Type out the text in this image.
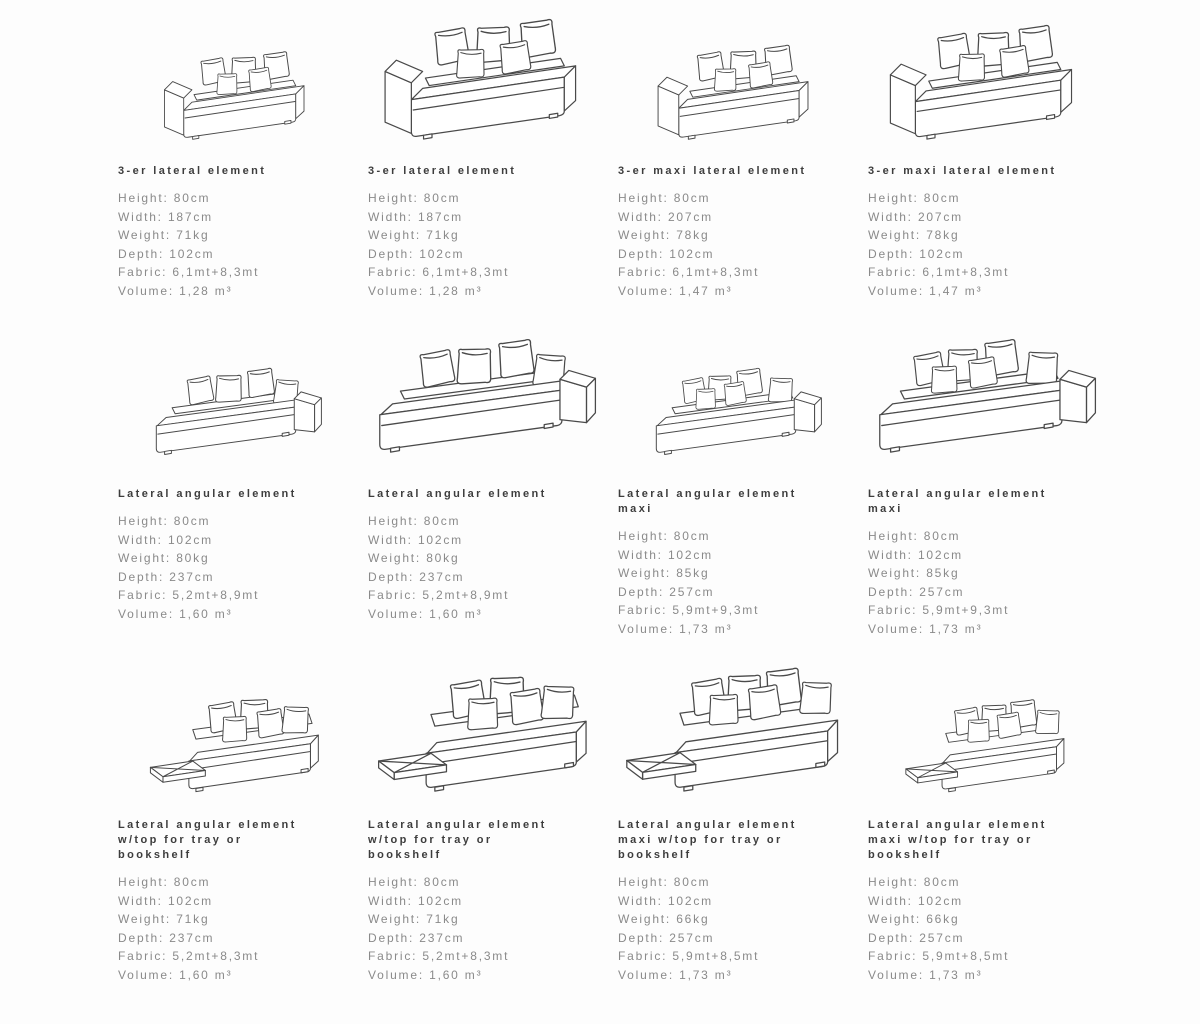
3-er lateral element
Height: 80cm
Width: 187cm
Weight: 71kg
Depth: 102cm
Fabric: 6,1mt+8,3mt
Volume: 1,28 m³
3-er lateral element
Height: 80cm
Width: 187cm
Weight: 71kg
Depth: 102cm
Fabric: 6,1mt+8,3mt
Volume: 1,28 m³
3-er maxi lateral element
Height: 80cm
Width: 207cm
Weight: 78kg
Depth: 102cm
Fabric: 6,1mt+8,3mt
Volume: 1,47 m³
3-er maxi lateral element
Height: 80cm
Width: 207cm
Weight: 78kg
Depth: 102cm
Fabric: 6,1mt+8,3mt
Volume: 1,47 m³
Lateral angular element
Height: 80cm
Width: 102cm
Weight: 80kg
Depth: 237cm
Fabric: 5,2mt+8,9mt
Volume: 1,60 m³
Lateral angular element
Height: 80cm
Width: 102cm
Weight: 80kg
Depth: 237cm
Fabric: 5,2mt+8,9mt
Volume: 1,60 m³
Lateral angular element
maxi
Height: 80cm
Width: 102cm
Weight: 85kg
Depth: 257cm
Fabric: 5,9mt+9,3mt
Volume: 1,73 m³
Lateral angular element
maxi
Height: 80cm
Width: 102cm
Weight: 85kg
Depth: 257cm
Fabric: 5,9mt+9,3mt
Volume: 1,73 m³
Lateral angular element
w/top for tray or
bookshelf
Height: 80cm
Width: 102cm
Weight: 71kg
Depth: 237cm
Fabric: 5,2mt+8,3mt
Volume: 1,60 m³
Lateral angular element
w/top for tray or
bookshelf
Height: 80cm
Width: 102cm
Weight: 71kg
Depth: 237cm
Fabric: 5,2mt+8,3mt
Volume: 1,60 m³
Lateral angular element
maxi w/top for tray or
bookshelf
Height: 80cm
Width: 102cm
Weight: 66kg
Depth: 257cm
Fabric: 5,9mt+8,5mt
Volume: 1,73 m³
Lateral angular element
maxi w/top for tray or
bookshelf
Height: 80cm
Width: 102cm
Weight: 66kg
Depth: 257cm
Fabric: 5,9mt+8,5mt
Volume: 1,73 m³
